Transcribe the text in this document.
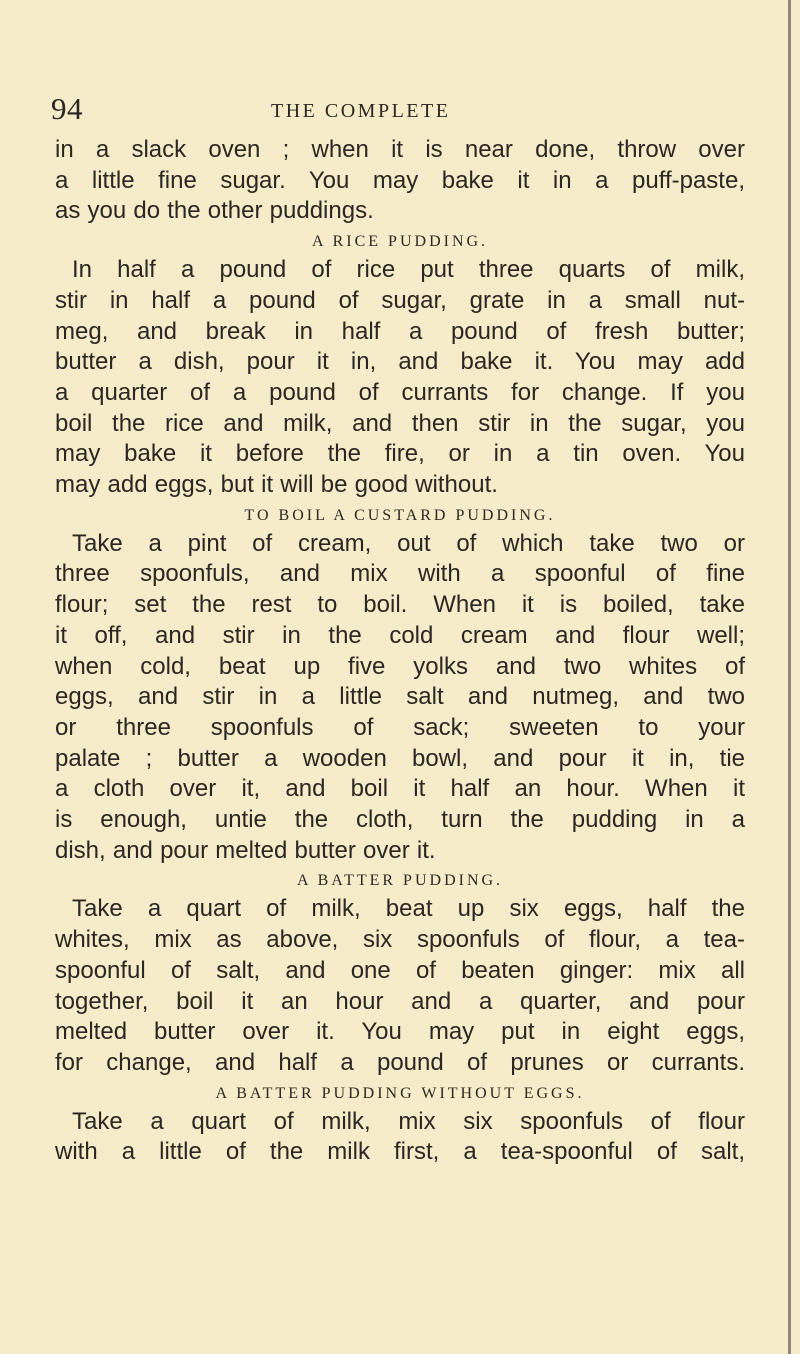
94	THE COMPLETE

in a slack oven ; when it is near done, throw over

a little fine sugar. You may bake it in a puff-paste,

as you do the other puddings.

A RICE PUDDING.

In half a pound of rice put three quarts of milk,

stir in half a pound of sugar, grate in a small nut-

meg, and break in half a pound of fresh butter;

butter a dish, pour it in, and bake it. You may add

a quarter of a pound of currants for change. If you

boil the rice and milk, and then stir in the sugar, you

may bake it before the fire, or in a tin oven. You

may add eggs, but it will be good without.

TO BOIL A CUSTARD PUDDING.

Take a pint of cream, out of which take two or

three spoonfuls, and mix with a spoonful of fine

flour; set the rest to boil. When it is boiled, take

it off, and stir in the cold cream and flour well;

when cold, beat up five yolks and two whites of

eggs, and stir in a little salt and nutmeg, and two

or three spoonfuls of sack; sweeten to your

palate ; butter a wooden bowl, and pour it in, tie

a cloth over it, and boil it half an hour. When it

is enough, untie the cloth, turn the pudding in a

dish, and pour melted butter over it.

A BATTER PUDDING.

Take a quart of milk, beat up six eggs, half the

whites, mix as above, six spoonfuls of flour, a tea-

spoonful of salt, and one of beaten ginger: mix all

together, boil it an hour and a quarter, and pour

melted butter over it. You may put in eight eggs,

for change, and half a pound of prunes or currants.

A BATTER PUDDING WITHOUT EGGS.

Take a quart of milk, mix six spoonfuls of flour

with a little of the milk first, a tea-spoonful of salt,
